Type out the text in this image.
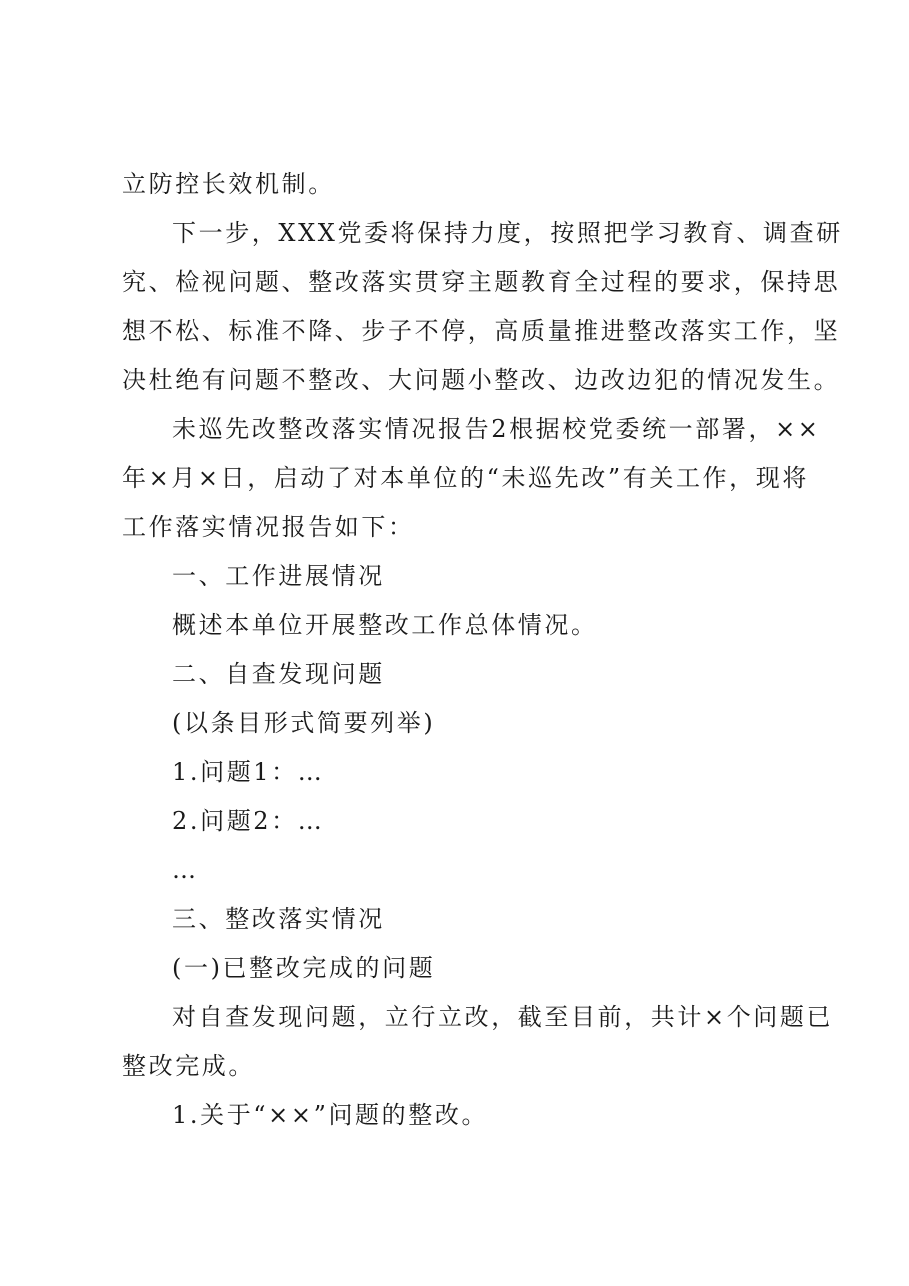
立防控长效机制。
下一步，XXX党委将保持力度，按照把学习教育、调查研
究、检视问题、整改落实贯穿主题教育全过程的要求，保持思
想不松、标准不降、步子不停，高质量推进整改落实工作，坚
决杜绝有问题不整改、大问题小整改、边改边犯的情况发生。
未巡先改整改落实情况报告2根据校党委统一部署，××
年×月×日，启动了对本单位的“未巡先改”有关工作，现将
工作落实情况报告如下：
一、工作进展情况
概述本单位开展整改工作总体情况。
二、自查发现问题
(以条目形式简要列举)
1.问题1：…
2.问题2：…
…
三、整改落实情况
(一)已整改完成的问题
对自查发现问题，立行立改，截至目前，共计×个问题已
整改完成。
1.关于“××”问题的整改。
